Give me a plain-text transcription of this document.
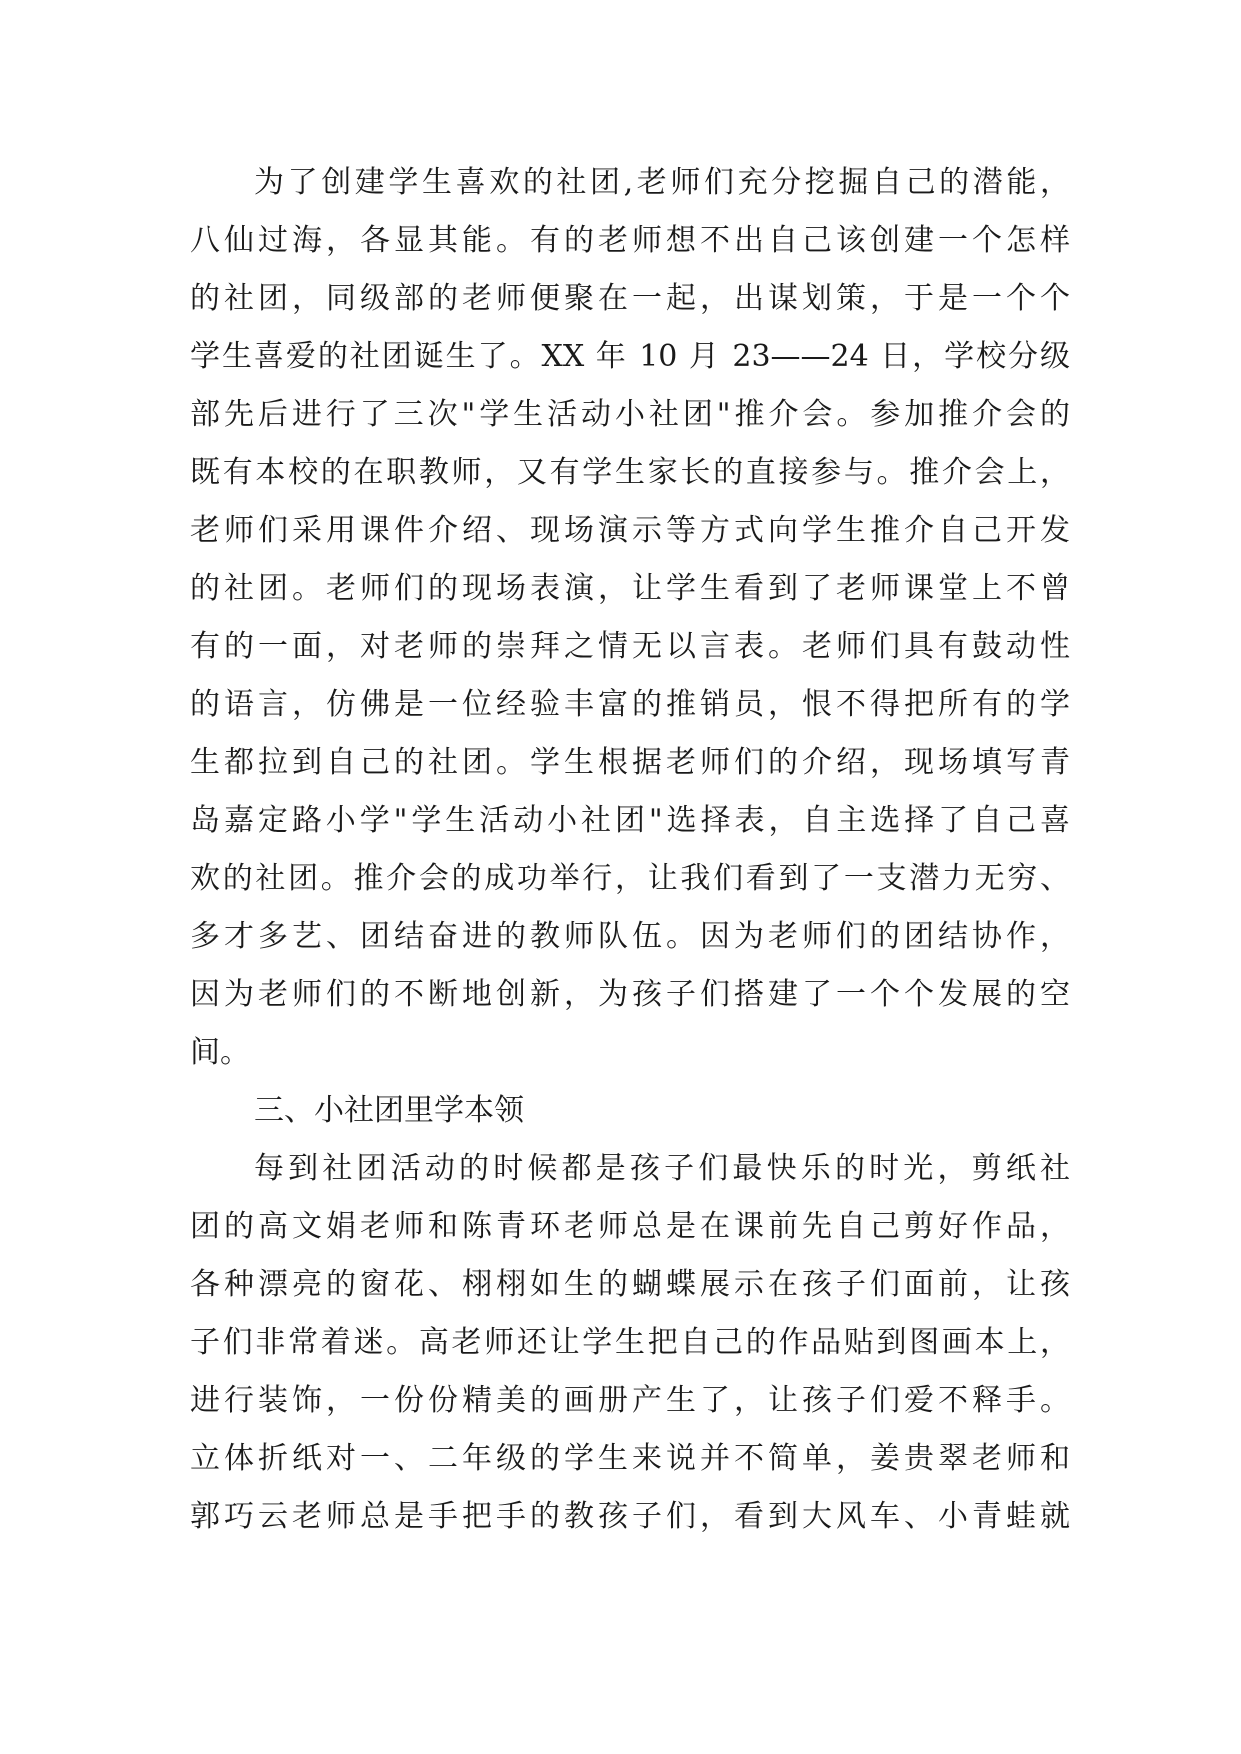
为了创建学生喜欢的社团,老师们充分挖掘自己的潜能，
八仙过海，各显其能。有的老师想不出自己该创建一个怎样
的社团，同级部的老师便聚在一起，出谋划策，于是一个个
学生喜爱的社团诞生了。XX 年 10 月 23——24 日，学校分级
部先后进行了三次"学生活动小社团"推介会。参加推介会的
既有本校的在职教师，又有学生家长的直接参与。推介会上，
老师们采用课件介绍、现场演示等方式向学生推介自己开发
的社团。老师们的现场表演，让学生看到了老师课堂上不曾
有的一面，对老师的崇拜之情无以言表。老师们具有鼓动性
的语言，仿佛是一位经验丰富的推销员，恨不得把所有的学
生都拉到自己的社团。学生根据老师们的介绍，现场填写青
岛嘉定路小学"学生活动小社团"选择表，自主选择了自己喜
欢的社团。推介会的成功举行，让我们看到了一支潜力无穷、
多才多艺、团结奋进的教师队伍。因为老师们的团结协作，
因为老师们的不断地创新，为孩子们搭建了一个个发展的空
间。
三、小社团里学本领
每到社团活动的时候都是孩子们最快乐的时光，剪纸社
团的高文娟老师和陈青环老师总是在课前先自己剪好作品，
各种漂亮的窗花、栩栩如生的蝴蝶展示在孩子们面前，让孩
子们非常着迷。高老师还让学生把自己的作品贴到图画本上，
进行装饰，一份份精美的画册产生了，让孩子们爱不释手。
立体折纸对一、二年级的学生来说并不简单，姜贵翠老师和
郭巧云老师总是手把手的教孩子们，看到大风车、小青蛙就
